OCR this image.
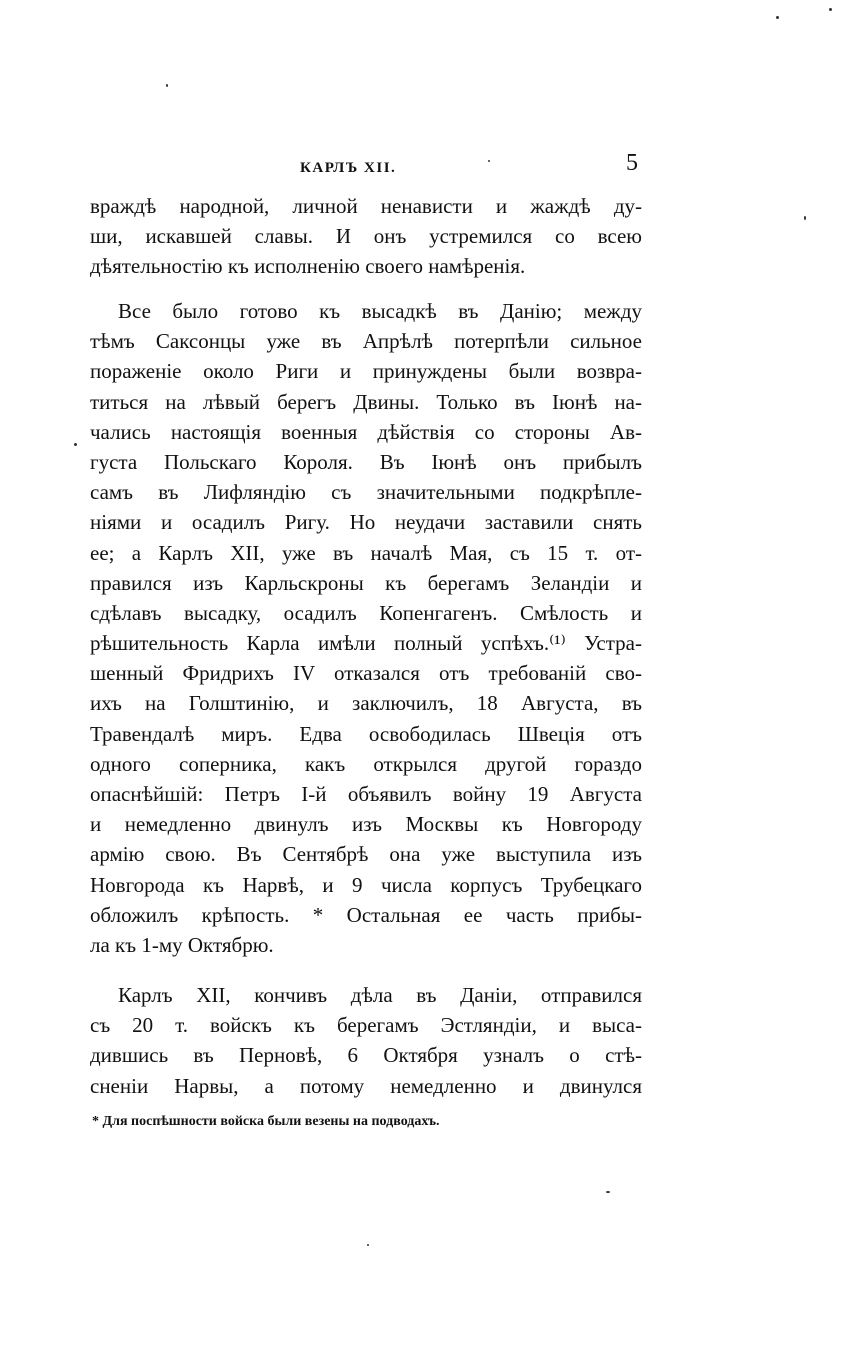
КАРЛЪ XII.	5
враждѣ народной, личной ненависти и жаждѣ ду-
ши, искавшей славы. И онъ устремился со всею
дѣятельностію къ исполненію своего намѣренія.
Все было готово къ высадкѣ въ Данію; между
тѣмъ Саксонцы уже въ Апрѣлѣ потерпѣли сильное
пораженіе около Риги и принуждены были возвра-
титься на лѣвый берегъ Двины. Только въ Іюнѣ на-
чались настоящія военныя дѣйствія со стороны Ав-
густа Польскаго Короля. Въ Іюнѣ онъ прибылъ
самъ въ Лифляндію съ значительными подкрѣпле-
ніями и осадилъ Ригу. Но неудачи заставили снять
ее; а Карлъ XII, уже въ началѣ Мая, съ 15 т. от-
правился изъ Карльскроны къ берегамъ Зеландіи и
сдѣлавъ высадку, осадилъ Копенгагенъ. Смѣлость и
рѣшительность Карла имѣли полный успѣхъ.⁽¹⁾ Устра-
шенный Фридрихъ IV отказался отъ требованій сво-
ихъ на Голштинію, и заключилъ, 18 Августа, въ
Травендалѣ миръ. Едва освободилась Швеція отъ
одного соперника, какъ открылся другой гораздо
опаснѣйшій: Петръ І-й объявилъ войну 19 Августа
и немедленно двинулъ изъ Москвы къ Новгороду
армію свою. Въ Сентябрѣ она уже выступила изъ
Новгорода къ Нарвѣ, и 9 числа корпусъ Трубецкаго
обложилъ крѣпость. * Остальная ее часть прибы-
ла къ 1-му Октябрю.
Карлъ XII, кончивъ дѣла въ Даніи, отправился
съ 20 т. войскъ къ берегамъ Эстляндіи, и выса-
дившись въ Перновѣ, 6 Октября узналъ о стѣ-
сненіи Нарвы, а потому немедленно и двинулся
* Для поспѣшности войска были везены на подводахъ.
